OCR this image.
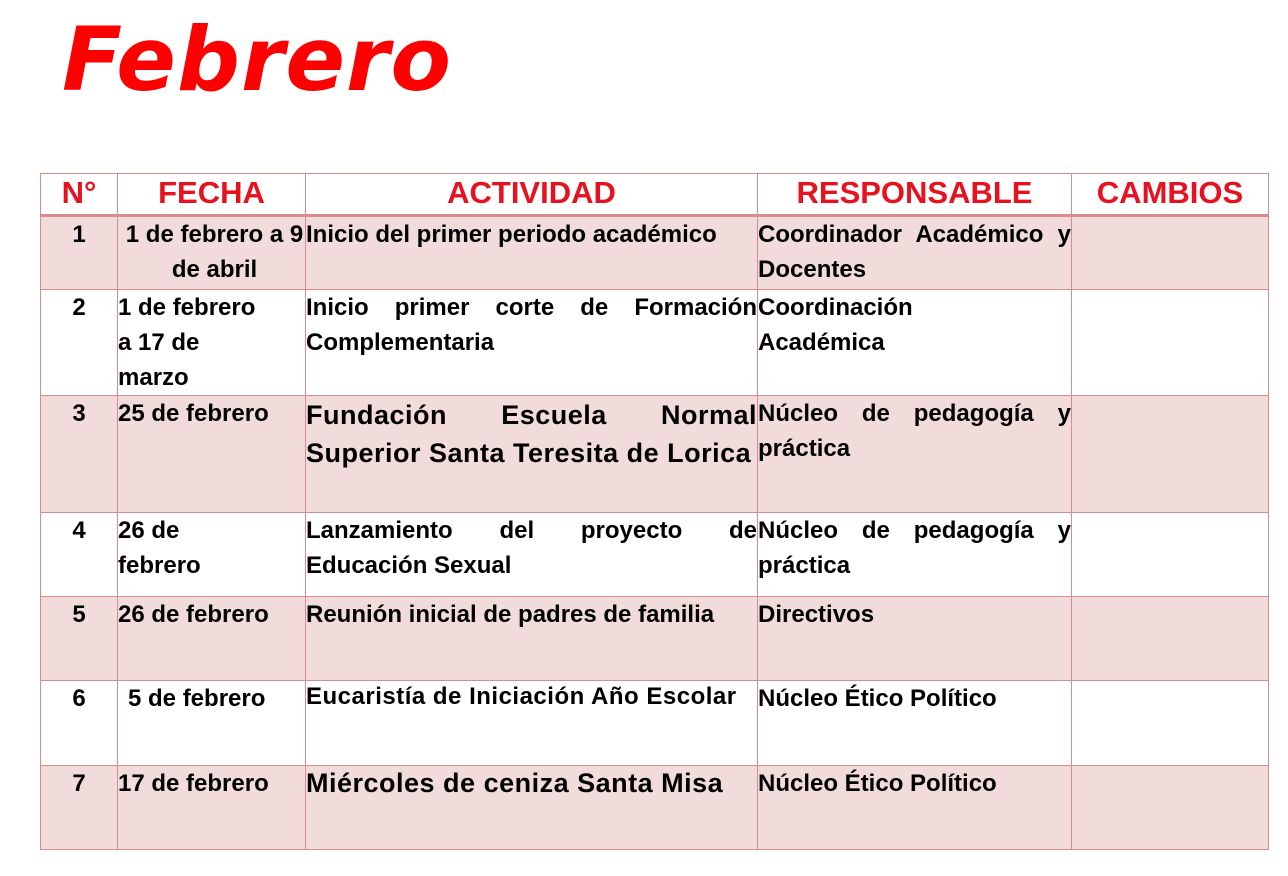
Febrero
N°	FECHA	ACTIVIDAD	RESPONSABLE	CAMBIOS
1	1 de febrero a 9 de abril	Inicio del primer periodo académico	Coordinador Académico y Docentes	
2	1 de febrero a 17 de marzo	Inicio primer corte de Formación Complementaria	Coordinación Académica	
3	25 de febrero	Fundación Escuela Normal Superior Santa Teresita de Lorica	Núcleo de pedagogía y práctica	
4	26 de febrero	Lanzamiento del proyecto de Educación Sexual	Núcleo de pedagogía y práctica	
5	26 de febrero	Reunión inicial de padres de familia	Directivos	
6	5 de febrero	Eucaristía de Iniciación Año Escolar	Núcleo Ético Político	
7	17 de febrero	Miércoles de ceniza Santa Misa	Núcleo Ético Político	
